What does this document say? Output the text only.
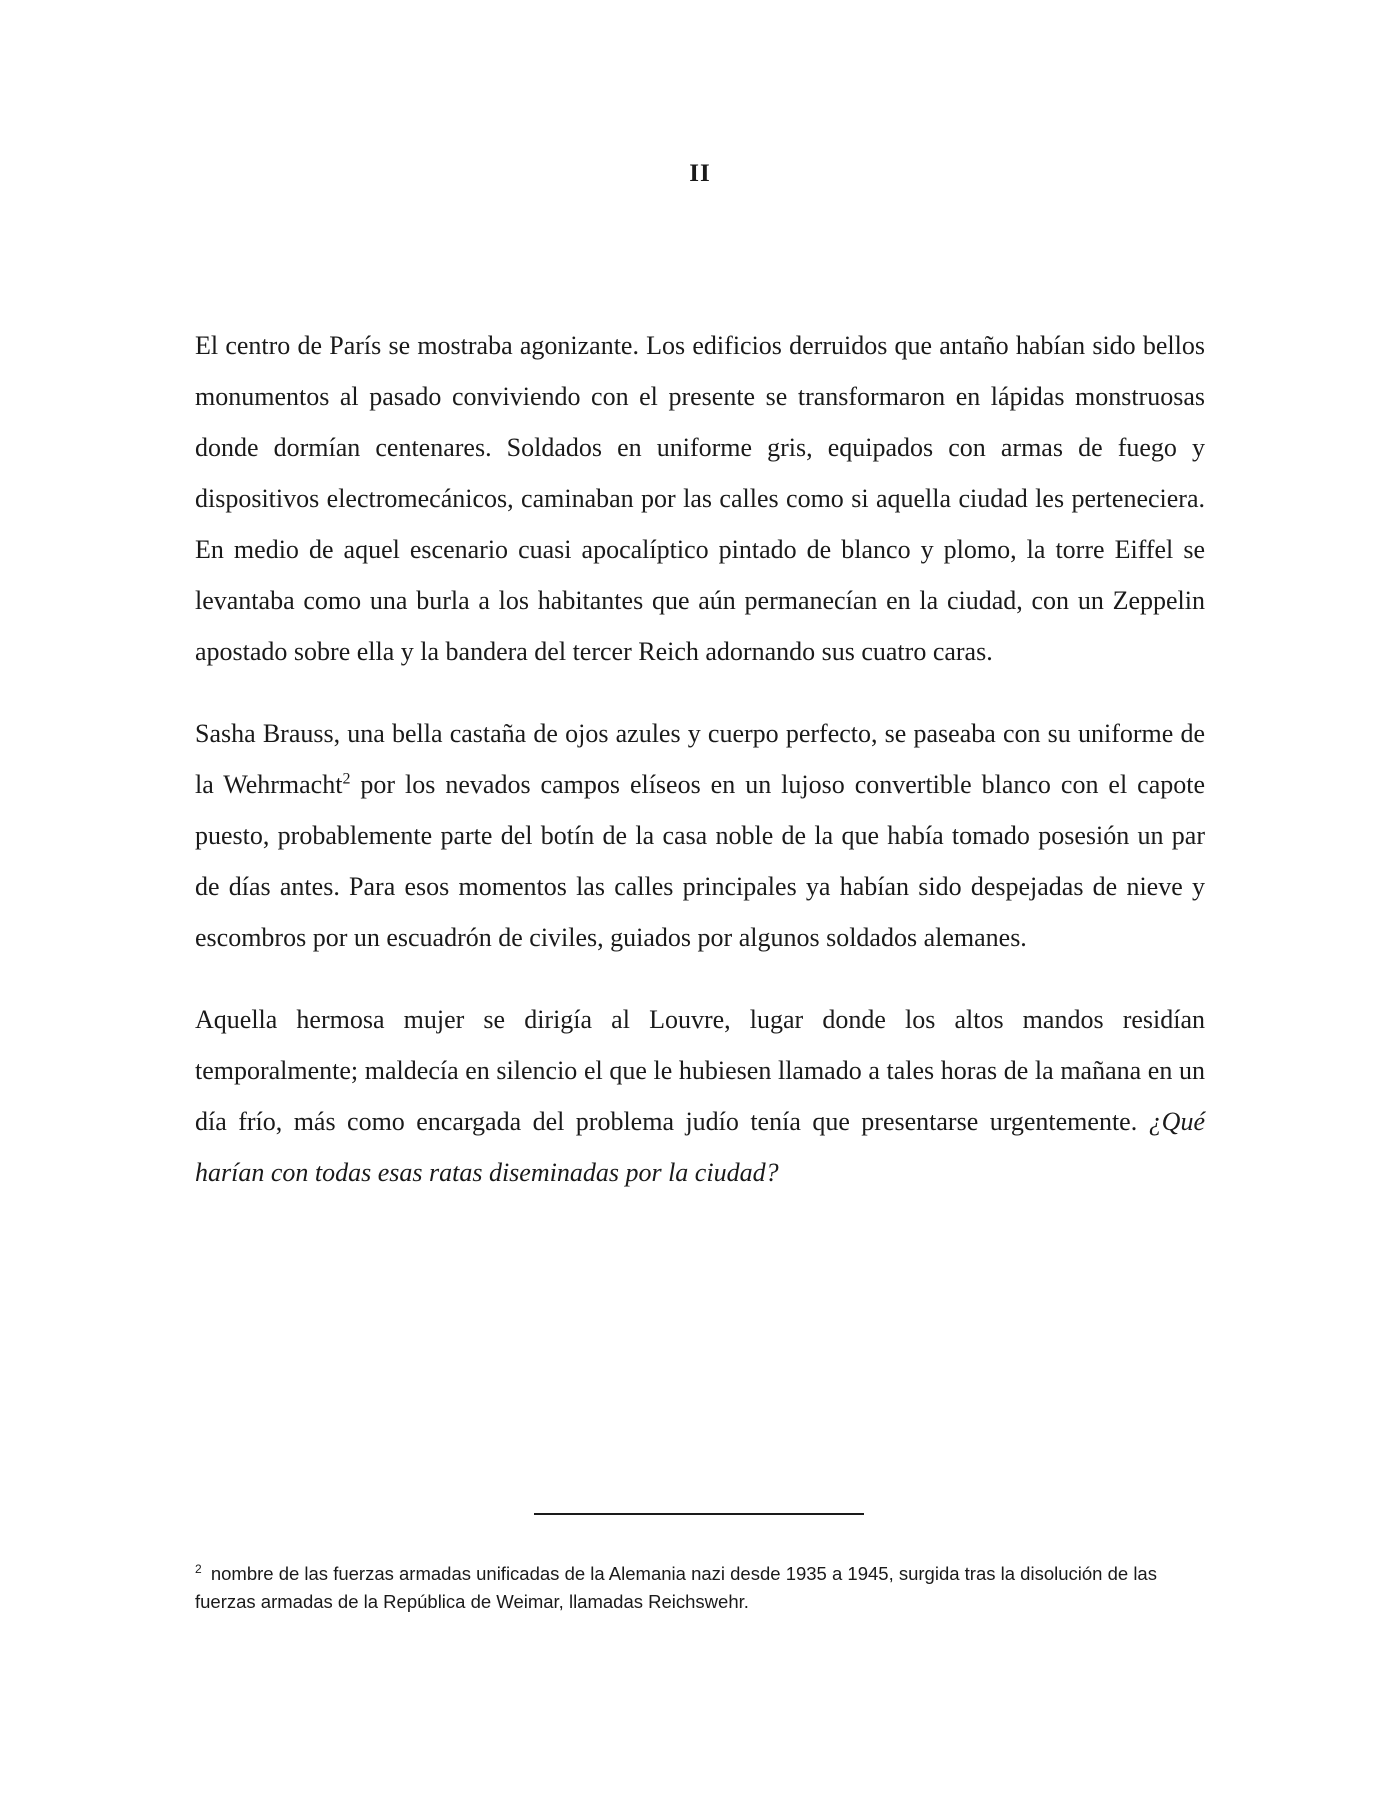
II

El centro de París se mostraba agonizante. Los edificios derruidos que antaño habían sido bellos monumentos al pasado conviviendo con el presente se transformaron en lápidas monstruosas donde dormían centenares. Soldados en uniforme gris, equipados con armas de fuego y dispositivos electromecánicos, caminaban por las calles como si aquella ciudad les perteneciera. En medio de aquel escenario cuasi apocalíptico pintado de blanco y plomo, la torre Eiffel se levantaba como una burla a los habitantes que aún permanecían en la ciudad, con un Zeppelin apostado sobre ella y la bandera del tercer Reich adornando sus cuatro caras.

Sasha Brauss, una bella castaña de ojos azules y cuerpo perfecto, se paseaba con su uniforme de la Wehrmacht$^2$ por los nevados campos elíseos en un lujoso convertible blanco con el capote puesto, probablemente parte del botín de la casa noble de la que había tomado posesión un par de días antes. Para esos momentos las calles principales ya habían sido despejadas de nieve y escombros por un escuadrón de civiles, guiados por algunos soldados alemanes.

Aquella hermosa mujer se dirigía al Louvre, lugar donde los altos mandos residían temporalmente; maldecía en silencio el que le hubiesen llamado a tales horas de la mañana en un día frío, más como encargada del problema judío tenía que presentarse urgentemente. ¿Qué harían con todas esas ratas diseminadas por la ciudad?

$^2$ nombre de las fuerzas armadas unificadas de la Alemania nazi desde 1935 a 1945, surgida tras la disolución de las fuerzas armadas de la República de Weimar, llamadas Reichswehr.
